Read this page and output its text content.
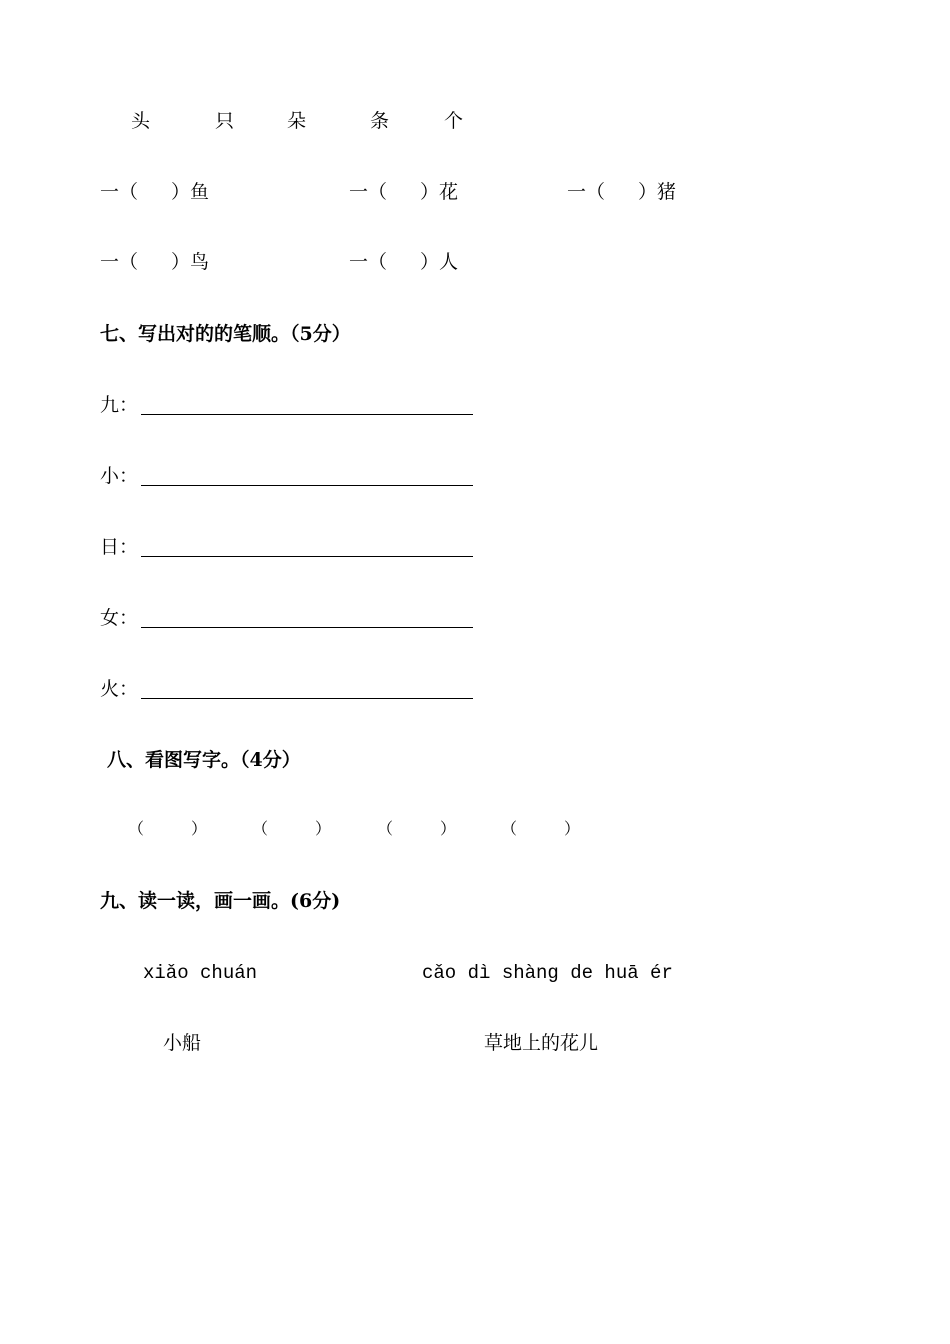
头	只	朵	条	个
一（ ）鱼	一（ ）花	一（ ）猪
一（ ）鸟	一（ ）人
七、写出对的的笔顺。（5分）
九：
小：
日：
女：
火：
八、看图写字。（4分）
（	）	（	）	（	）	（	）
九、读一读，画一画。(6分)
xiǎo chuán	cǎo dì shàng de huā ér
小船	草地上的花儿
